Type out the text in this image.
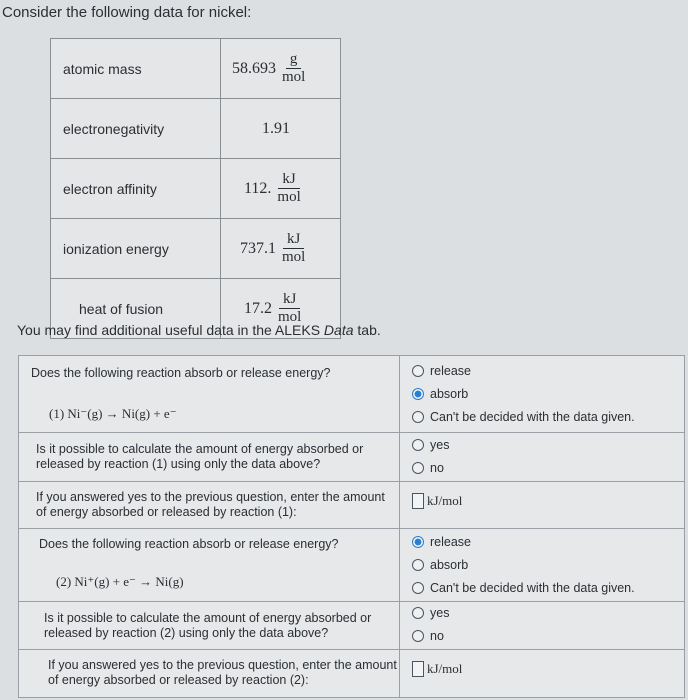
Consider the following data for nickel:
atomic mass	$58.693 \frac{g}{\text{mol}}$

electronegativity	1.91

electron affinity	112. $\frac{kJ}{\text{mol}}$

ionization energy	$737.1 \frac{kJ}{\text{mol}}$

heat of fusion	$17.2 \frac{kJ}{\text{mol}}$
You may find additional useful data in the ALEKS Data tab.
Does the following reaction absorb or release energy?
(1) Ni⁻(g) → Ni(g) + e⁻
release
absorb
Can't be decided with the data given.
Is it possible to calculate the amount of energy absorbed or released by reaction (1) using only the data above?
yes
no
If you answered yes to the previous question, enter the amount of energy absorbed or released by reaction (1):
kJ/mol
Does the following reaction absorb or release energy?
(2) Ni⁺(g) + e⁻ → Ni(g)
release
absorb
Can't be decided with the data given.
Is it possible to calculate the amount of energy absorbed or released by reaction (2) using only the data above?
yes
no
If you answered yes to the previous question, enter the amount of energy absorbed or released by reaction (2):
kJ/mol
